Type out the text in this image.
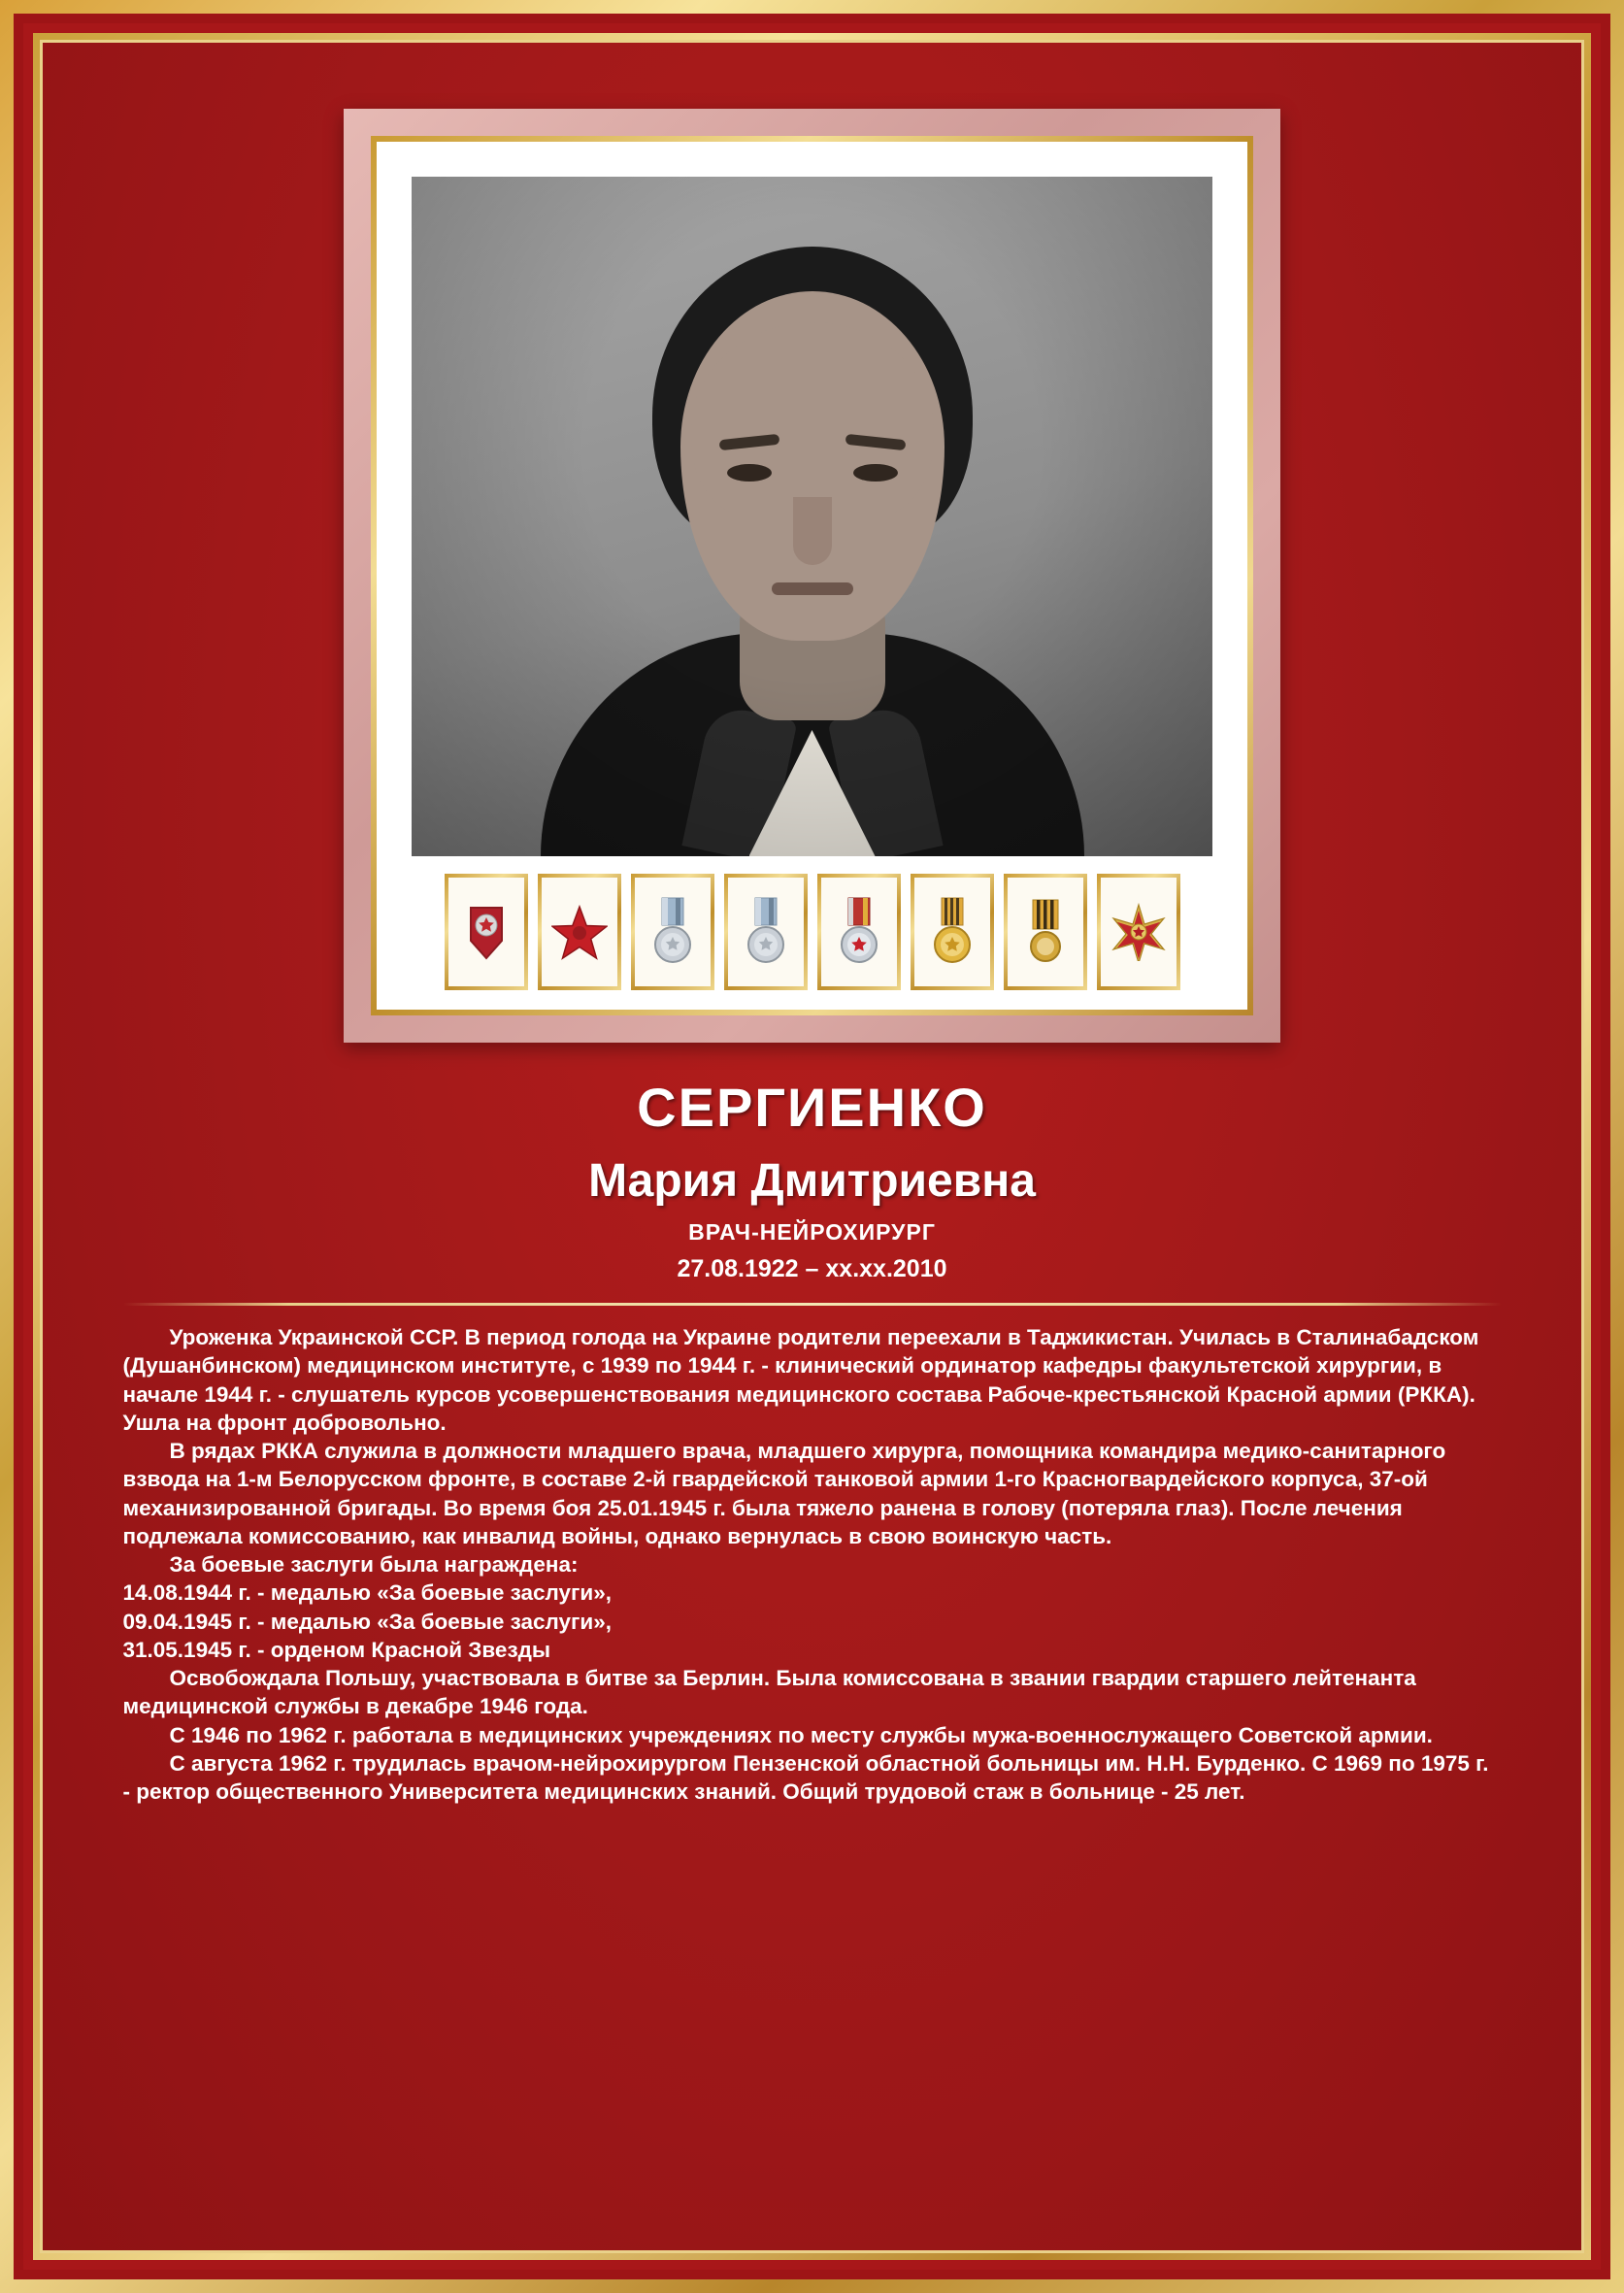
СЕРГИЕНКО
Мария Дмитриевна
ВРАЧ-НЕЙРОХИРУРГ
27.08.1922 – хх.хх.2010

Уроженка Украинской ССР. В период голода на Украине родители переехали в Таджикистан. Училась в Сталинабадском (Душанбинском) медицинском институте, с 1939 по 1944 г. - клинический ординатор кафедры факультетской хирургии, в начале 1944 г. - слушатель курсов усовершенствования медицинского состава Рабоче-крестьянской Красной армии (РККА). Ушла на фронт добровольно.

В рядах РККА служила в должности младшего врача, младшего хирурга, помощника командира медико-санитарного взвода на 1-м Белорусском фронте, в составе 2-й гвардейской танковой армии 1-го Красногвардейского корпуса, 37-ой механизированной бригады. Во время боя 25.01.1945 г. была тяжело ранена в голову (потеряла глаз). После лечения подлежала комиссованию, как инвалид войны, однако вернулась в свою воинскую часть.

За боевые заслуги была награждена:

14.08.1944 г. - медалью «За боевые заслуги»,

09.04.1945 г. - медалью «За боевые заслуги»,

31.05.1945 г. - орденом Красной Звезды

Освобождала Польшу, участвовала в битве за Берлин. Была комиссована в звании гвардии старшего лейтенанта медицинской службы в декабре 1946 года.

С 1946 по 1962 г. работала в медицинских учреждениях по месту службы мужа-военнослужащего Советской армии.

С августа 1962 г. трудилась врачом-нейрохирургом Пензенской областной больницы им. Н.Н. Бурденко. С 1969 по 1975 г. - ректор общественного Университета медицинских знаний. Общий трудовой стаж в больнице - 25 лет.
